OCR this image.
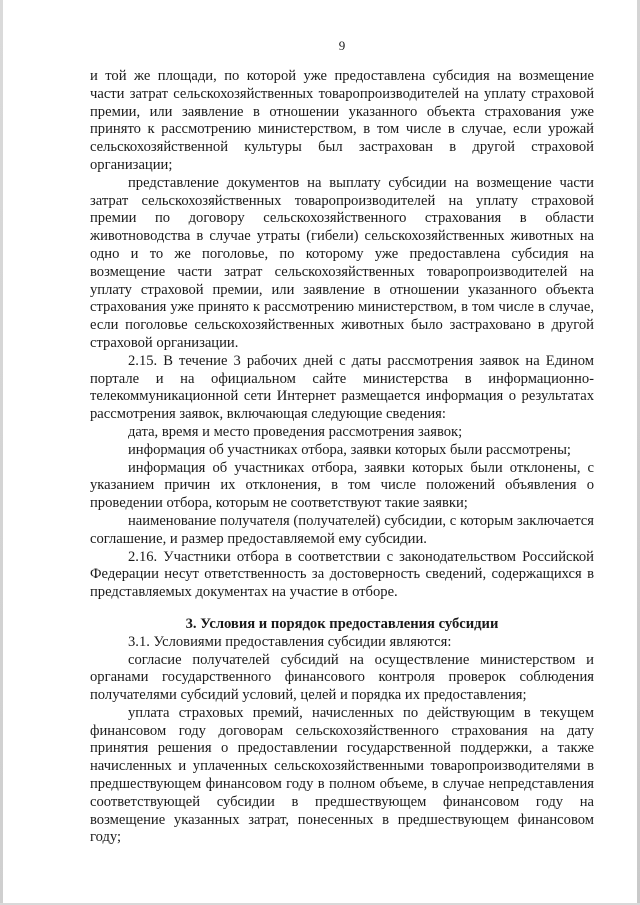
9

и той же площади, по которой уже предоставлена субсидия на возмещение части затрат сельскохозяйственных товаропроизводителей на уплату страховой премии, или заявление в отношении указанного объекта страхования уже принято к рассмотрению министерством, в том числе в случае, если урожай сельскохозяйственной культуры был застрахован в другой страховой организации;

представление документов на выплату субсидии на возмещение части затрат сельскохозяйственных товаропроизводителей на уплату страховой премии по договору сельскохозяйственного страхования в области животноводства в случае утраты (гибели) сельскохозяйственных животных на одно и то же поголовье, по которому уже предоставлена субсидия на возмещение части затрат сельскохозяйственных товаропроизводителей на уплату страховой премии, или заявление в отношении указанного объекта страхования уже принято к рассмотрению министерством, в том числе в случае, если поголовье сельскохозяйственных животных было застраховано в другой страховой организации.

2.15. В течение 3 рабочих дней с даты рассмотрения заявок на Едином портале и на официальном сайте министерства в информационно-телекоммуникационной сети Интернет размещается информация о результатах рассмотрения заявок, включающая следующие сведения:

дата, время и место проведения рассмотрения заявок;

информация об участниках отбора, заявки которых были рассмотрены;

информация об участниках отбора, заявки которых были отклонены, с указанием причин их отклонения, в том числе положений объявления о проведении отбора, которым не соответствуют такие заявки;

наименование получателя (получателей) субсидии, с которым заключается соглашение, и размер предоставляемой ему субсидии.

2.16. Участники отбора в соответствии с законодательством Российской Федерации несут ответственность за достоверность сведений, содержащихся в представляемых документах на участие в отборе.

3. Условия и порядок предоставления субсидии

3.1. Условиями предоставления субсидии являются:

согласие получателей субсидий на осуществление министерством и органами государственного финансового контроля проверок соблюдения получателями субсидий условий, целей и порядка их предоставления;

уплата страховых премий, начисленных по действующим в текущем финансовом году договорам сельскохозяйственного страхования на дату принятия решения о предоставлении государственной поддержки, а также начисленных и уплаченных сельскохозяйственными товаропроизводителями в предшествующем финансовом году в полном объеме, в случае непредставления соответствующей субсидии в предшествующем финансовом году на возмещение указанных затрат, понесенных в предшествующем финансовом году;
